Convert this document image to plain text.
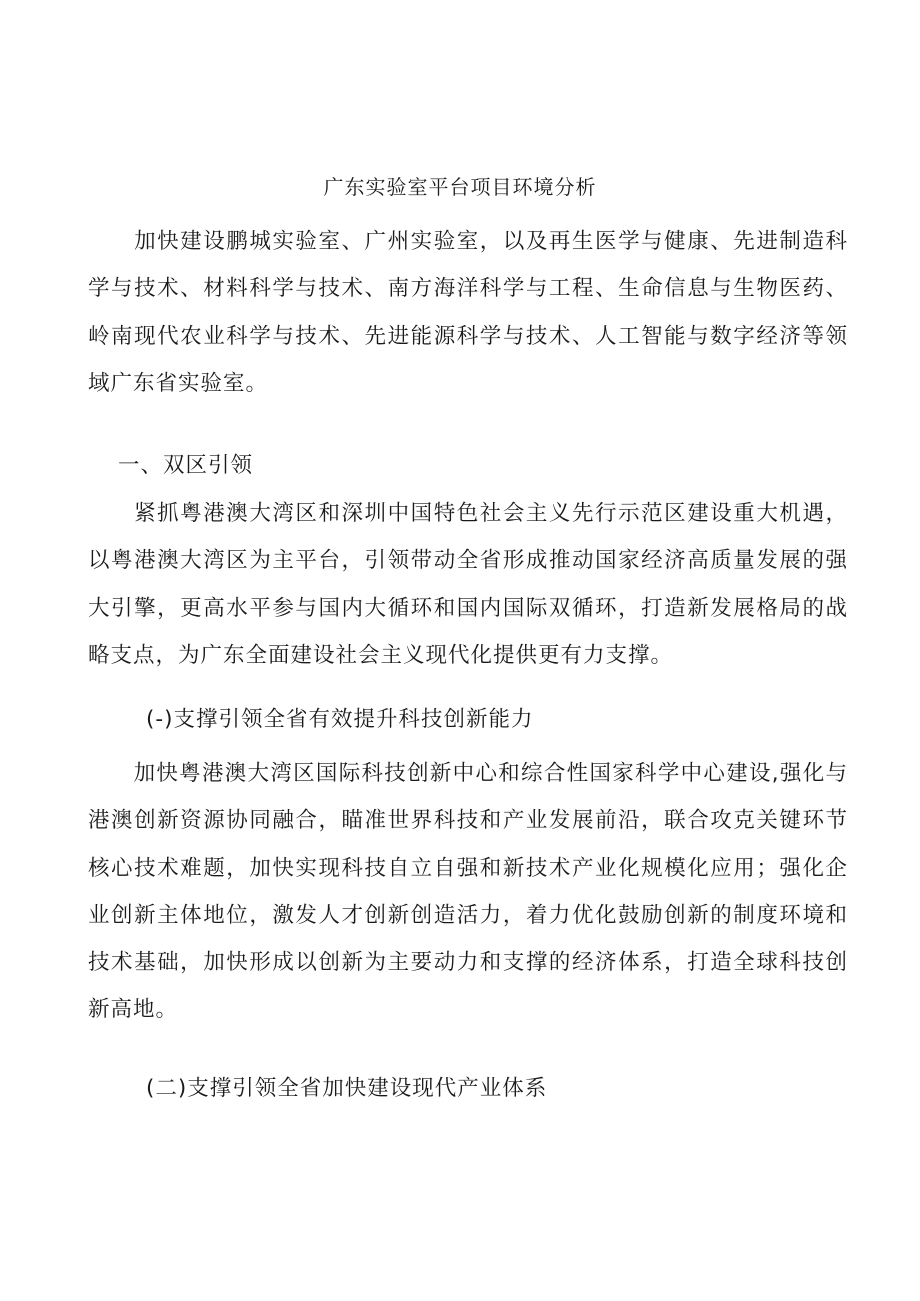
广东实验室平台项目环境分析

　　加快建设鹏城实验室、广州实验室，以及再生医学与健康、先进制造科学与技术、材料科学与技术、南方海洋科学与工程、生命信息与生物医药、岭南现代农业科学与技术、先进能源科学与技术、人工智能与数字经济等领域广东省实验室。

一、双区引领

　　紧抓粤港澳大湾区和深圳中国特色社会主义先行示范区建设重大机遇，以粤港澳大湾区为主平台，引领带动全省形成推动国家经济高质量发展的强大引擎，更高水平参与国内大循环和国内国际双循环，打造新发展格局的战略支点，为广东全面建设社会主义现代化提供更有力支撑。

(-)支撑引领全省有效提升科技创新能力

　　加快粤港澳大湾区国际科技创新中心和综合性国家科学中心建设,强化与港澳创新资源协同融合，瞄准世界科技和产业发展前沿，联合攻克关键环节核心技术难题，加快实现科技自立自强和新技术产业化规模化应用；强化企业创新主体地位，激发人才创新创造活力，着力优化鼓励创新的制度环境和技术基础，加快形成以创新为主要动力和支撑的经济体系，打造全球科技创新高地。

(二)支撑引领全省加快建设现代产业体系
